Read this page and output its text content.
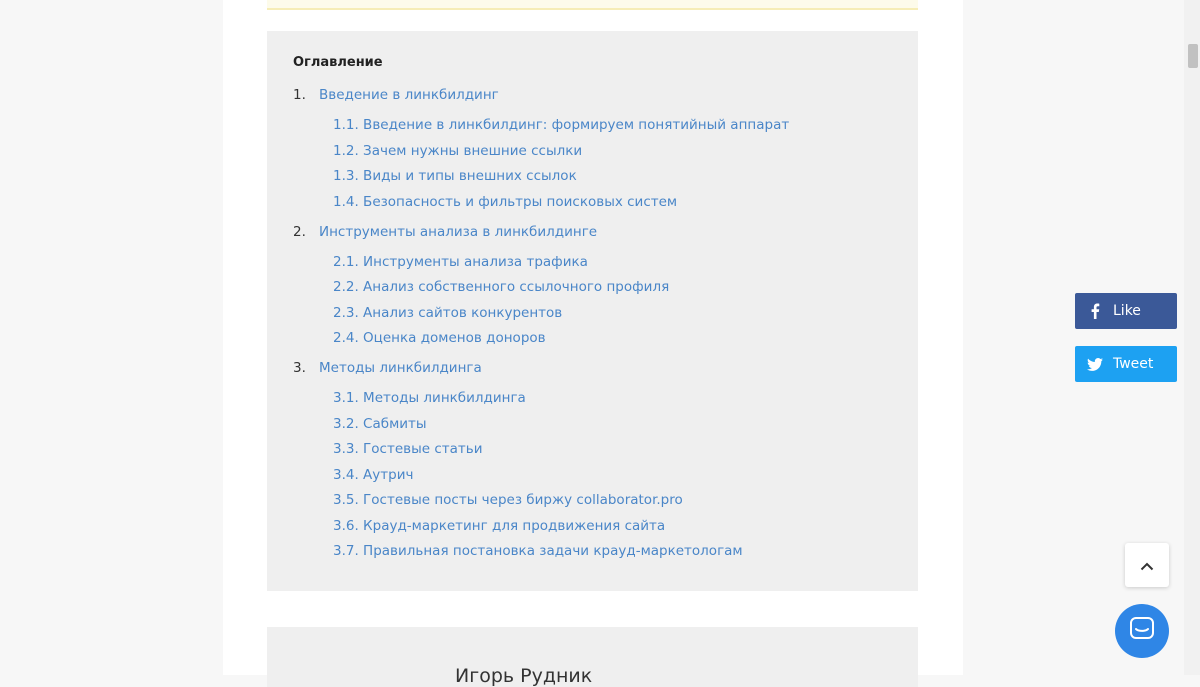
Оглавление
1. Введение в линкбилдинг
1.1. Введение в линкбилдинг: формируем понятийный аппарат
1.2. Зачем нужны внешние ссылки
1.3. Виды и типы внешних ссылок
1.4. Безопасность и фильтры поисковых систем
2. Инструменты анализа в линкбилдинге
2.1. Инструменты анализа трафика
2.2. Анализ собственного ссылочного профиля
2.3. Анализ сайтов конкурентов
2.4. Оценка доменов доноров
3. Методы линкбилдинга
3.1. Методы линкбилдинга
3.2. Сабмиты
3.3. Гостевые статьи
3.4. Аутрич
3.5. Гостевые посты через биржу collaborator.pro
3.6. Крауд-маркетинг для продвижения сайта
3.7. Правильная постановка задачи крауд-маркетологам
Игорь Рудник
Like
Tweet
